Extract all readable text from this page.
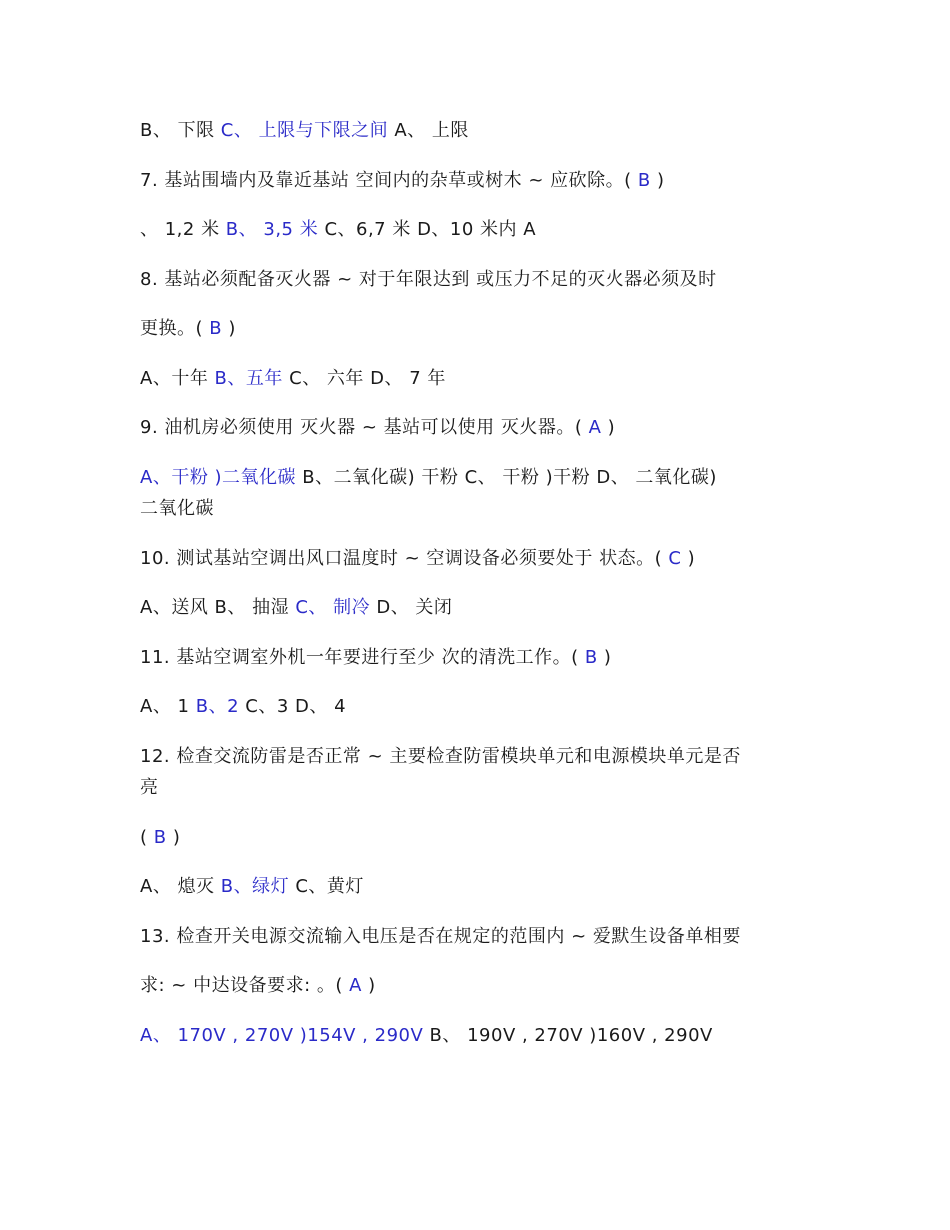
B、 下限 C、 上限与下限之间 A、 上限
7. 基站围墙内及靠近基站 空间内的杂草或树木 ~ 应砍除。( B )
、 1,2 米 B、 3,5 米 C、6,7 米 D、10 米内 A
8. 基站必须配备灭火器 ~ 对于年限达到 或压力不足的灭火器必须及时
更换。( B )
A、十年 B、五年 C、 六年 D、 7 年
9. 油机房必须使用 灭火器 ~ 基站可以使用 灭火器。( A )
A、干粉 )二氧化碳 B、二氧化碳) 干粉 C、 干粉 )干粉 D、 二氧化碳)
二氧化碳
10. 测试基站空调出风口温度时 ~ 空调设备必须要处于 状态。( C )
A、送风 B、 抽湿 C、 制冷 D、 关闭
11. 基站空调室外机一年要进行至少 次的清洗工作。( B )
A、 1 B、2 C、3 D、 4
12. 检查交流防雷是否正常 ~ 主要检查防雷模块单元和电源模块单元是否
亮
( B )
A、 熄灭 B、绿灯 C、黄灯
13. 检查开关电源交流输入电压是否在规定的范围内 ~ 爱默生设备单相要
求: ~ 中达设备要求: 。( A )
A、 170V , 270V )154V , 290V B、 190V , 270V )160V , 290V
